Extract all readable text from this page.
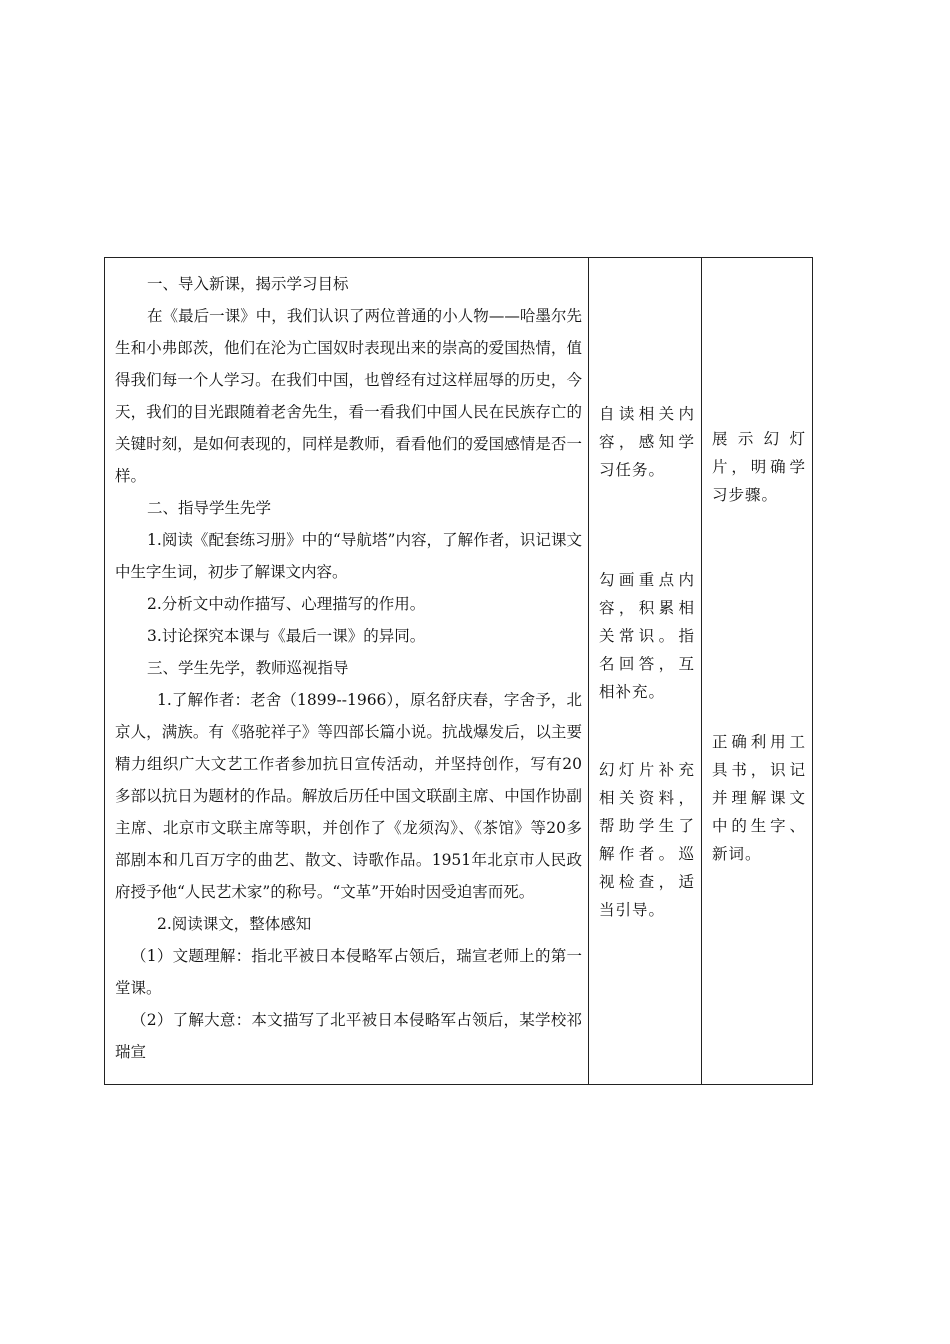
一、导入新课，揭示学习目标

在《最后一课》中，我们认识了两位普通的小人物——哈墨尔先生和小弗郎茨，他们在沦为亡国奴时表现出来的崇高的爱国热情，值得我们每一个人学习。在我们中国，也曾经有过这样屈辱的历史，今天，我们的目光跟随着老舍先生，看一看我们中国人民在民族存亡的关键时刻，是如何表现的，同样是教师，看看他们的爱国感情是否一样。

二、指导学生先学

1.阅读《配套练习册》中的“导航塔”内容，了解作者，识记课文中生字生词，初步了解课文内容。

2.分析文中动作描写、心理描写的作用。

3.讨论探究本课与《最后一课》的异同。

三、学生先学，教师巡视指导

1.了解作者：老舍（1899--1966），原名舒庆春，字舍予，北京人，满族。有《骆驼祥子》等四部长篇小说。抗战爆发后，以主要精力组织广大文艺工作者参加抗日宣传活动，并坚持创作，写有20多部以抗日为题材的作品。解放后历任中国文联副主席、中国作协副主席、北京市文联主席等职，并创作了《龙须沟》、《茶馆》等20多部剧本和几百万字的曲艺、散文、诗歌作品。1951年北京市人民政府授予他“人民艺术家”的称号。“文革”开始时因受迫害而死。

2.阅读课文，整体感知

（1）文题理解：指北平被日本侵略军占领后，瑞宣老师上的第一堂课。

（2）了解大意：本文描写了北平被日本侵略军占领后，某学校祁瑞宣

自读相关内容，感知学习任务。
勾画重点内容，积累相关常识。指名回答，互相补充。
幻灯片补充相关资料，帮助学生了解作者。巡视检查，适当引导。
展示幻灯片，明确学习步骤。
正确利用工具书，识记并理解课文中的生字、新词。
